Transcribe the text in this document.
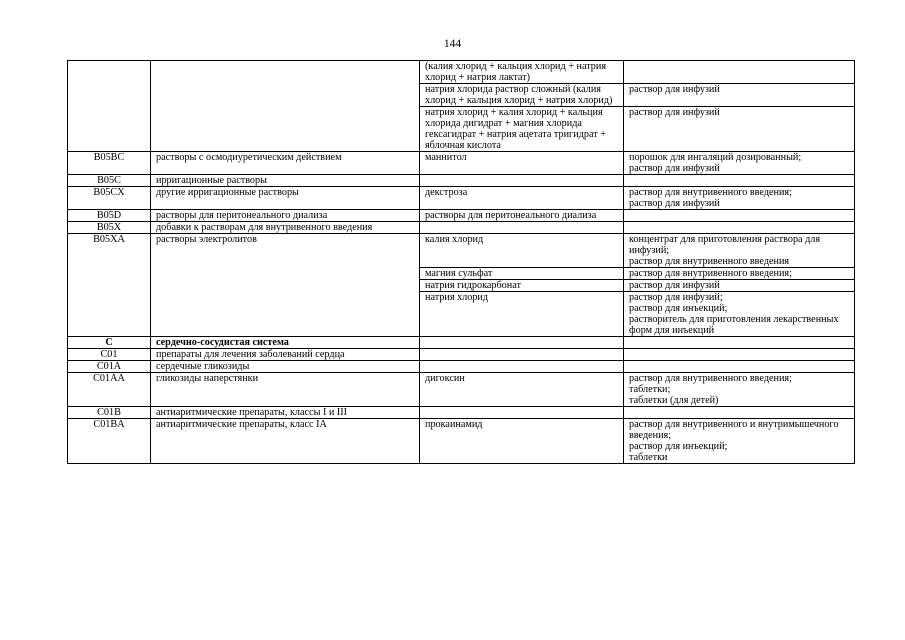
144
		(калия хлорид + кальция хлорид + натрия хлорид + натрия лактат)	
		натрия хлорида раствор сложный (калия хлорид + кальция хлорид + натрия хлорид)	раствор для инфузий

		натрия хлорид + калия хлорид + кальция хлорида дигидрат + магния хлорида гексагидрат + натрия ацетата тригидрат + яблочная кислота	раствор для инфузий

B05BC	растворы с осмодиуретическим действием	маннитол	порошок для ингаляций дозированный;
раствор для инфузий

B05C	ирригационные растворы		
B05CX	другие ирригационные растворы	декстроза	раствор для внутривенного введения;
раствор для инфузий

B05D	растворы для перитонеального диализа	растворы для перитонеального диализа	
B05X	добавки к растворам для внутривенного введения		
B05XA	растворы электролитов	калия хлорид	концентрат для приготовления раствора для инфузий;
раствор для внутривенного введения

		магния сульфат	раствор для внутривенного введения;

		натрия гидрокарбонат	раствор для инфузий

		натрия хлорид	раствор для инфузий;
раствор для инъекций;
растворитель для приготовления лекарственных форм для инъекций

C	сердечно-сосудистая система		
C01	препараты для лечения заболеваний сердца		
C01A	сердечные гликозиды		
C01AA	гликозиды наперстянки	дигоксин	раствор для внутривенного введения;
таблетки;
таблетки (для детей)

C01B	антиаритмические препараты, классы I и III		
C01BA	антиаритмические препараты, класс IA	прокаинамид	раствор для внутривенного и внутримышечного введения;
раствор для инъекций;
таблетки
